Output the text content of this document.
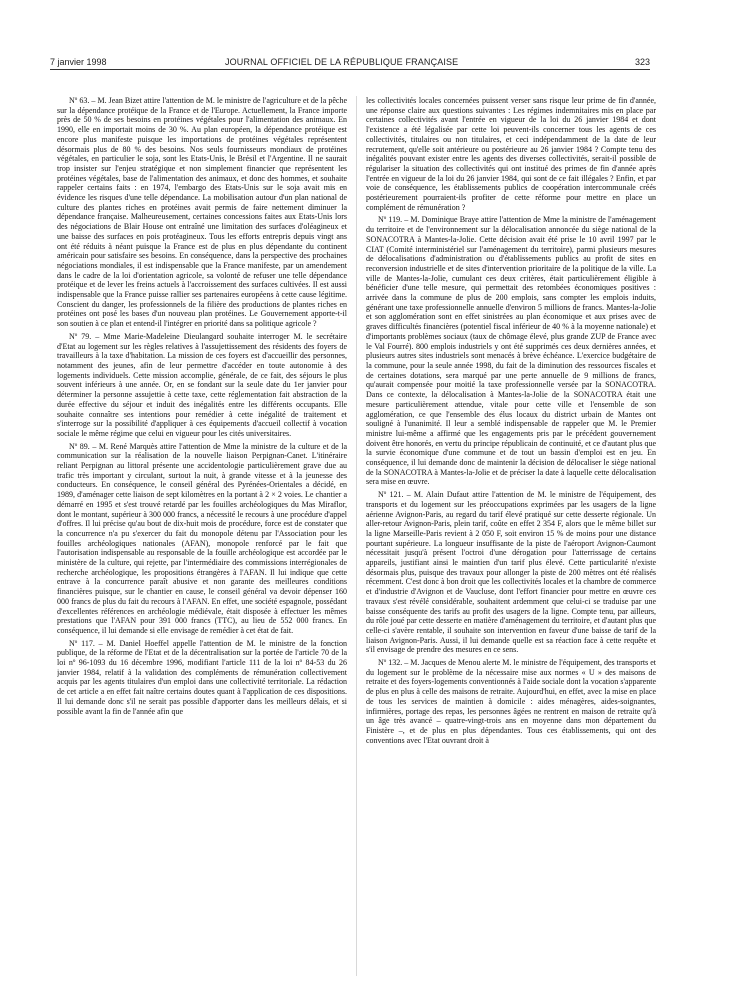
7 janvier 1998	JOURNAL OFFICIEL DE LA RÉPUBLIQUE FRANÇAISE	323

Nº 63. – M. Jean Bizet attire l'attention de M. le ministre de l'agriculture et de la pêche sur la dépendance protéique de la France et de l'Europe. Actuellement, la France importe près de 50 % de ses besoins en protéines végétales pour l'alimentation des animaux. En 1990, elle en importait moins de 30 %. Au plan européen, la dépendance protéique est encore plus manifeste puisque les importations de protéines végétales représentent désormais plus de 80 % des besoins. Nos seuls fournisseurs mondiaux de protéines végétales, en particulier le soja, sont les Etats-Unis, le Brésil et l'Argentine. Il ne saurait trop insister sur l'enjeu stratégique et non simplement financier que représentent les protéines végétales, base de l'alimentation des animaux, et donc des hommes, et souhaite rappeler certains faits : en 1974, l'embargo des Etats-Unis sur le soja avait mis en évidence les risques d'une telle dépendance. La mobilisation autour d'un plan national de culture des plantes riches en protéines avait permis de faire nettement diminuer la dépendance française. Malheureusement, certaines concessions faites aux Etats-Unis lors des négociations de Blair House ont entraîné une limitation des surfaces d'oléagineux et une baisse des surfaces en pois protéagineux. Tous les efforts entrepris depuis vingt ans ont été réduits à néant puisque la France est de plus en plus dépendante du continent américain pour satisfaire ses besoins. En conséquence, dans la perspective des prochaines négociations mondiales, il est indispensable que la France manifeste, par un amendement dans le cadre de la loi d'orientation agricole, sa volonté de refuser une telle dépendance protéique et de lever les freins actuels à l'accroissement des surfaces cultivées. Il est aussi indispensable que la France puisse rallier ses partenaires européens à cette cause légitime. Conscient du danger, les professionnels de la filière des productions de plantes riches en protéines ont posé les bases d'un nouveau plan protéines. Le Gouvernement apporte-t-il son soutien à ce plan et entend-il l'intégrer en priorité dans sa politique agricole ?

Nº 79. – Mme Marie-Madeleine Dieulangard souhaite interroger M. le secrétaire d'Etat au logement sur les règles relatives à l'assujettissement des résidents des foyers de travailleurs à la taxe d'habitation. La mission de ces foyers est d'accueillir des personnes, notamment des jeunes, afin de leur permettre d'accéder en toute autonomie à des logements individuels. Cette mission accomplie, générale, de ce fait, des séjours le plus souvent inférieurs à une année. Or, en se fondant sur la seule date du 1er janvier pour déterminer la personne assujettie à cette taxe, cette réglementation fait abstraction de la durée effective du séjour et induit des inégalités entre les différents occupants. Elle souhaite connaître ses intentions pour remédier à cette inégalité de traitement et s'interroge sur la possibilité d'appliquer à ces équipements d'accueil collectif à vocation sociale le même régime que celui en vigueur pour les cités universitaires.

Nº 89. – M. René Marquès attire l'attention de Mme la ministre de la culture et de la communication sur la réalisation de la nouvelle liaison Perpignan-Canet. L'itinéraire reliant Perpignan au littoral présente une accidentologie particulièrement grave due au trafic très important y circulant, surtout la nuit, à grande vitesse et à la jeunesse des conducteurs. En conséquence, le conseil général des Pyrénées-Orientales a décidé, en 1989, d'aménager cette liaison de sept kilomètres en la portant à 2 × 2 voies. Le chantier a démarré en 1995 et s'est trouvé retardé par les fouilles archéologiques du Mas Miraflor, dont le montant, supérieur à 300 000 francs, a nécessité le recours à une procédure d'appel d'offres. Il lui précise qu'au bout de dix-huit mois de procédure, force est de constater que la concurrence n'a pu s'exercer du fait du monopole détenu par l'Association pour les fouilles archéologiques nationales (AFAN), monopole renforcé par le fait que l'autorisation indispensable au responsable de la fouille archéologique est accordée par le ministère de la culture, qui rejette, par l'intermédiaire des commissions interrégionales de recherche archéologique, les propositions étrangères à l'AFAN. Il lui indique que cette entrave à la concurrence paraît abusive et non garante des meilleures conditions financières puisque, sur le chantier en cause, le conseil général va devoir dépenser 160 000 francs de plus du fait du recours à l'AFAN. En effet, une société espagnole, possédant d'excellentes références en archéologie médiévale, était disposée à effectuer les mêmes prestations que l'AFAN pour 391 000 francs (TTC), au lieu de 552 000 francs. En conséquence, il lui demande si elle envisage de remédier à cet état de fait.

Nº 117. – M. Daniel Hoeffel appelle l'attention de M. le ministre de la fonction publique, de la réforme de l'Etat et de la décentralisation sur la portée de l'article 70 de la loi nº 96-1093 du 16 décembre 1996, modifiant l'article 111 de la loi nº 84-53 du 26 janvier 1984, relatif à la validation des compléments de rémunération collectivement acquis par les agents titulaires d'un emploi dans une collectivité territoriale. La rédaction de cet article a en effet fait naître certains doutes quant à l'application de ces dispositions. Il lui demande donc s'il ne serait pas possible d'apporter dans les meilleurs délais, et si possible avant la fin de l'année afin que

les collectivités locales concernées puissent verser sans risque leur prime de fin d'année, une réponse claire aux questions suivantes : Les régimes indemnitaires mis en place par certaines collectivités avant l'entrée en vigueur de la loi du 26 janvier 1984 et dont l'existence a été légalisée par cette loi peuvent-ils concerner tous les agents de ces collectivités, titulaires ou non titulaires, et ceci indépendamment de la date de leur recrutement, qu'elle soit antérieure ou postérieure au 26 janvier 1984 ? Compte tenu des inégalités pouvant exister entre les agents des diverses collectivités, serait-il possible de régulariser la situation des collectivités qui ont institué des primes de fin d'année après l'entrée en vigueur de la loi du 26 janvier 1984, qui sont de ce fait illégales ? Enfin, et par voie de conséquence, les établissements publics de coopération intercommunale créés postérieurement pourraient-ils profiter de cette réforme pour mettre en place un complément de rémunération ?

Nº 119. – M. Dominique Braye attire l'attention de Mme la ministre de l'aménagement du territoire et de l'environnement sur la délocalisation annoncée du siège national de la SONACOTRA à Mantes-la-Jolie. Cette décision avait été prise le 10 avril 1997 par le CIAT (Comité interministériel sur l'aménagement du territoire), parmi plusieurs mesures de délocalisations d'administration ou d'établissements publics au profit de sites en reconversion industrielle et de sites d'intervention prioritaire de la politique de la ville. La ville de Mantes-la-Jolie, cumulant ces deux critères, était particulièrement éligible à bénéficier d'une telle mesure, qui permettait des retombées économiques positives : arrivée dans la commune de plus de 200 emplois, sans compter les emplois induits, générant une taxe professionnelle annuelle d'environ 5 millions de francs. Mantes-la-Jolie et son agglomération sont en effet sinistrées au plan économique et aux prises avec de graves difficultés financières (potentiel fiscal inférieur de 40 % à la moyenne nationale) et d'importants problèmes sociaux (taux de chômage élevé, plus grande ZUP de France avec le Val Fourré). 800 emplois industriels y ont été supprimés ces deux dernières années, et plusieurs autres sites industriels sont menacés à brève échéance. L'exercice budgétaire de la commune, pour la seule année 1998, du fait de la diminution des ressources fiscales et de certaines dotations, sera marqué par une perte annuelle de 9 millions de francs, qu'aurait compensée pour moitié la taxe professionnelle versée par la SONACOTRA. Dans ce contexte, la délocalisation à Mantes-la-Jolie de la SONACOTRA était une mesure particulièrement attendue, vitale pour cette ville et l'ensemble de son agglomération, ce que l'ensemble des élus locaux du district urbain de Mantes ont souligné à l'unanimité. Il leur a semblé indispensable de rappeler que M. le Premier ministre lui-même a affirmé que les engagements pris par le précédent gouvernement doivent être honorés, en vertu du principe républicain de continuité, et ce d'autant plus que la survie économique d'une commune et de tout un bassin d'emploi est en jeu. En conséquence, il lui demande donc de maintenir la décision de délocaliser le siège national de la SONACOTRA à Mantes-la-Jolie et de préciser la date à laquelle cette délocalisation sera mise en œuvre.

Nº 121. – M. Alain Dufaut attire l'attention de M. le ministre de l'équipement, des transports et du logement sur les préoccupations exprimées par les usagers de la ligne aérienne Avignon-Paris, au regard du tarif élevé pratiqué sur cette desserte régionale. Un aller-retour Avignon-Paris, plein tarif, coûte en effet 2 354 F, alors que le même billet sur la ligne Marseille-Paris revient à 2 050 F, soit environ 15 % de moins pour une distance pourtant supérieure. La longueur insuffisante de la piste de l'aéroport Avignon-Caumont nécessitait jusqu'à présent l'octroi d'une dérogation pour l'atterrissage de certains appareils, justifiant ainsi le maintien d'un tarif plus élevé. Cette particularité n'existe désormais plus, puisque des travaux pour allonger la piste de 200 mètres ont été réalisés récemment. C'est donc à bon droit que les collectivités locales et la chambre de commerce et d'industrie d'Avignon et de Vaucluse, dont l'effort financier pour mettre en œuvre ces travaux s'est révélé considérable, souhaitent ardemment que celui-ci se traduise par une baisse conséquente des tarifs au profit des usagers de la ligne. Compte tenu, par ailleurs, du rôle joué par cette desserte en matière d'aménagement du territoire, et d'autant plus que celle-ci s'avère rentable, il souhaite son intervention en faveur d'une baisse de tarif de la liaison Avignon-Paris. Aussi, il lui demande quelle est sa réaction face à cette requête et s'il envisage de prendre des mesures en ce sens.

Nº 132. – M. Jacques de Menou alerte M. le ministre de l'équipement, des transports et du logement sur le problème de la nécessaire mise aux normes « U » des maisons de retraite et des foyers-logements conventionnés à l'aide sociale dont la vocation s'apparente de plus en plus à celle des maisons de retraite. Aujourd'hui, en effet, avec la mise en place de tous les services de maintien à domicile : aides ménagères, aides-soignantes, infirmières, portage des repas, les personnes âgées ne rentrent en maison de retraite qu'à un âge très avancé – quatre-vingt-trois ans en moyenne dans mon département du Finistère –, et de plus en plus dépendantes. Tous ces établissements, qui ont des conventions avec l'Etat ouvrant droit à
